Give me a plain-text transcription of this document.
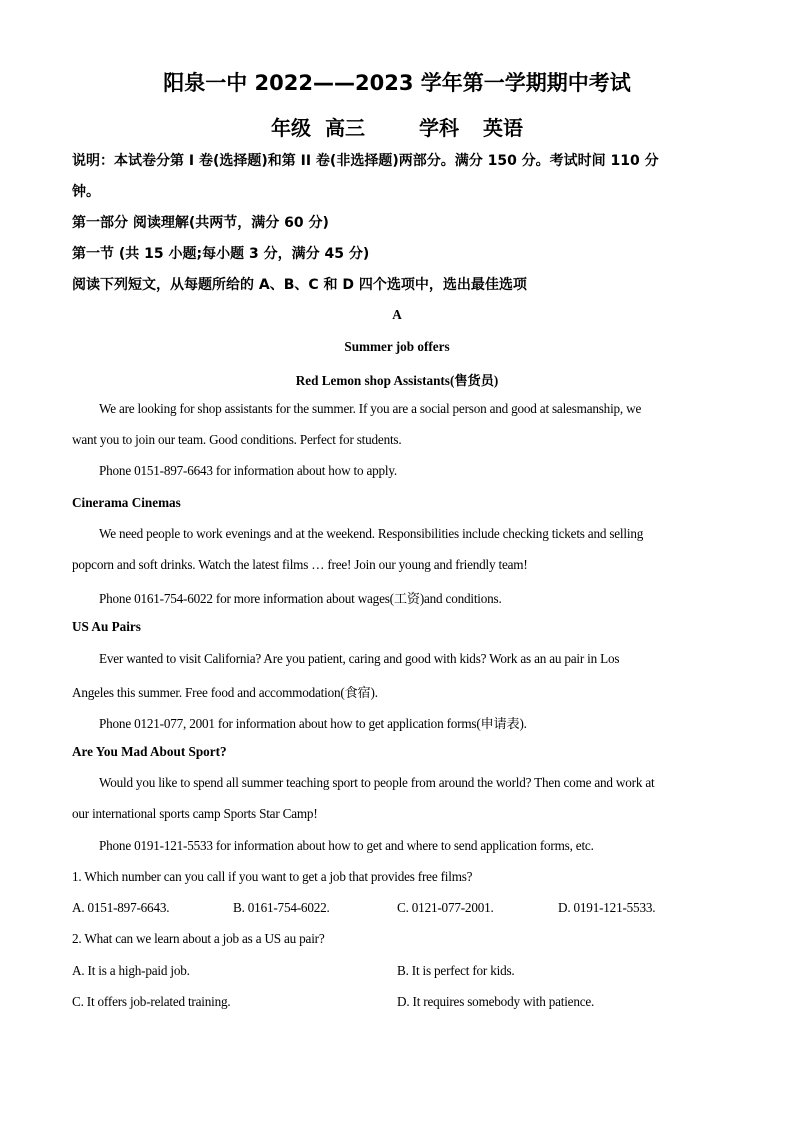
阳泉一中 2022——2023 学年第一学期期中考试
年级 高三	学科 英语
说明：本试卷分第 I 卷(选择题)和第 II 卷(非选择题)两部分。满分 150 分。考试时间 110 分
钟。
第一部分 阅读理解(共两节，满分 60 分)
第一节 (共 15 小题;每小题 3 分，满分 45 分)
阅读下列短文，从每题所给的 A、B、C 和 D 四个选项中，选出最佳选项
A
Summer job offers
Red Lemon shop Assistants(售货员)
We are looking for shop assistants for the summer. If you are a social person and good at salesmanship, we
want you to join our team. Good conditions. Perfect for students.
Phone 0151-897-6643 for information about how to apply.
Cinerama Cinemas
We need people to work evenings and at the weekend. Responsibilities include checking tickets and selling
popcorn and soft drinks. Watch the latest films … free! Join our young and friendly team!
Phone 0161-754-6022 for more information about wages(工资)and conditions.
US Au Pairs
Ever wanted to visit California? Are you patient, caring and good with kids? Work as an au pair in Los
Angeles this summer. Free food and accommodation(食宿).
Phone 0121-077, 2001 for information about how to get application forms(申请表).
Are You Mad About Sport?
Would you like to spend all summer teaching sport to people from around the world? Then come and work at
our international sports camp Sports Star Camp!
Phone 0191-121-5533 for information about how to get and where to send application forms, etc.
1. Which number can you call if you want to get a job that provides free films?
A. 0151-897-6643.	B. 0161-754-6022.	C. 0121-077-2001.	D. 0191-121-5533.
2. What can we learn about a job as a US au pair?
A. It is a high-paid job.	B. It is perfect for kids.
C. It offers job-related training.	D. It requires somebody with patience.
